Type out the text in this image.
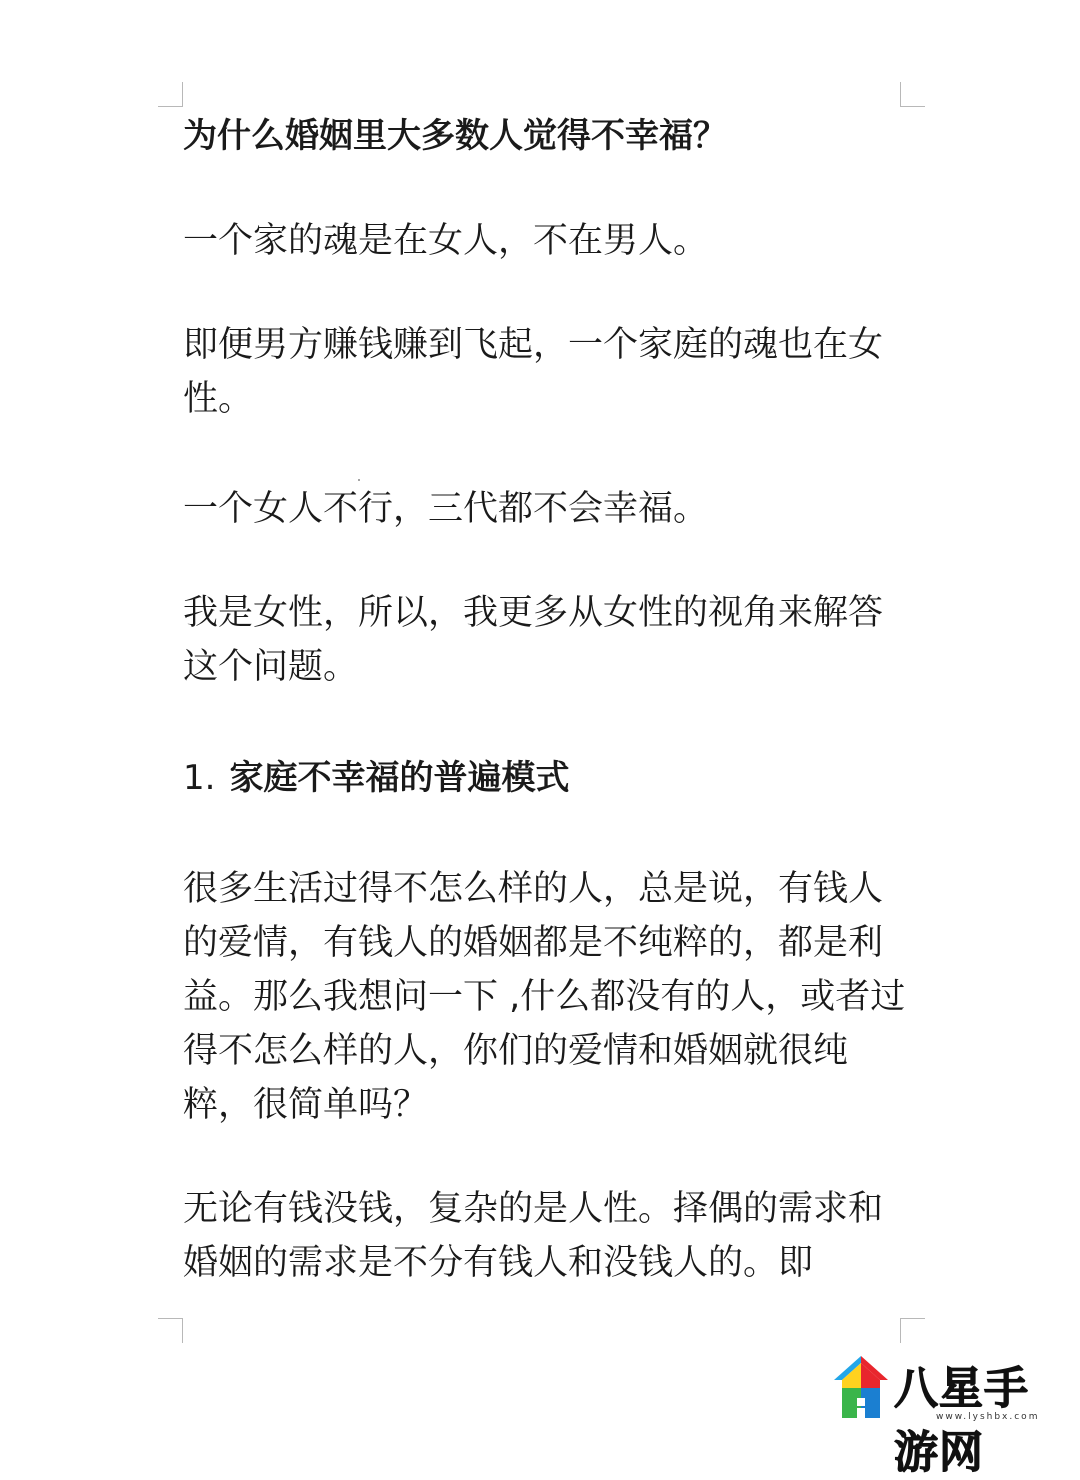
为什么婚姻里大多数人觉得不幸福？

一个家的魂是在女人，不在男人。

即便男方赚钱赚到飞起，一个家庭的魂也在女性。

一个女人不行，三代都不会幸福。

我是女性，所以，我更多从女性的视角来解答这个问题。

1. 家庭不幸福的普遍模式

很多生活过得不怎么样的人，总是说，有钱人的爱情，有钱人的婚姻都是不纯粹的，都是利益。那么我想问一下 ,什么都没有的人，或者过得不怎么样的人，你们的爱情和婚姻就很纯粹，很简单吗？

无论有钱没钱，复杂的是人性。择偶的需求和婚姻的需求是不分有钱人和没钱人的。即

八星手游网
www.lyshbx.com
